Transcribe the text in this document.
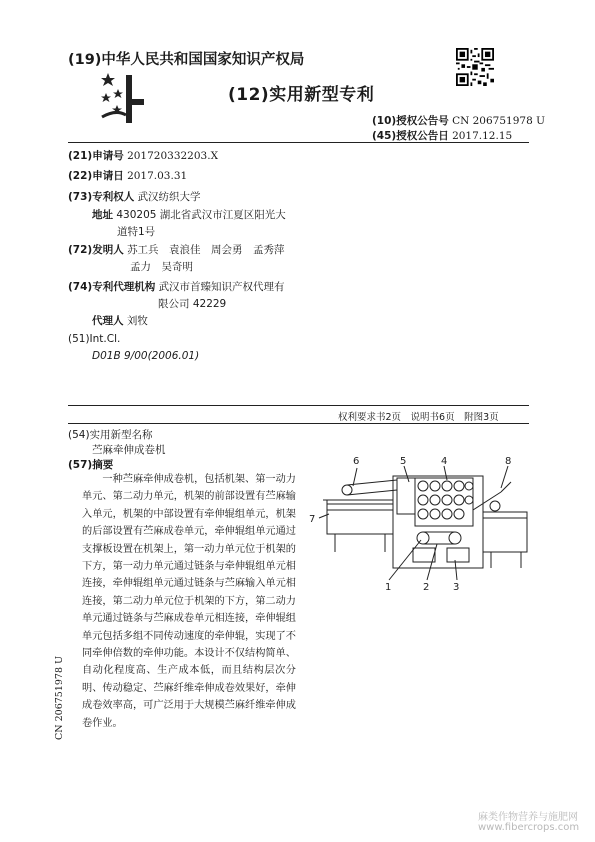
(19)中华人民共和国国家知识产权局
(12)实用新型专利
(10)授权公告号 CN 206751978 U
(45)授权公告日 2017.12.15
(21)申请号 201720332203.X
(22)申请日 2017.03.31
(73)专利权人 武汉纺织大学
地址 430205 湖北省武汉市江夏区阳光大
道特1号
(72)发明人 苏工兵　袁浪佳　周会勇　孟秀萍
孟力　吴奇明
(74)专利代理机构 武汉市首臻知识产权代理有
限公司 42229
代理人 刘牧
(51)Int.Cl.
D01B 9/00(2006.01)
权利要求书2页　说明书6页　附图3页
(54)实用新型名称
苎麻牵伸成卷机
(57)摘要
一种苎麻牵伸成卷机，包括机架、第一动力单元、第二动力单元，机架的前部设置有苎麻输入单元，机架的中部设置有牵伸辊组单元，机架的后部设置有苎麻成卷单元，牵伸辊组单元通过支撑板设置在机架上，第一动力单元位于机架的下方，第一动力单元通过链条与牵伸辊组单元相连接，牵伸辊组单元通过链条与苎麻输入单元相连接，第二动力单元位于机架的下方，第二动力单元通过链条与苎麻成卷单元相连接，牵伸辊组单元包括多组不同传动速度的牵伸辊，实现了不同牵伸倍数的牵伸功能。本设计不仅结构简单、自动化程度高、生产成本低，而且结构层次分明、传动稳定、苎麻纤维牵伸成卷效果好，牵伸成卷效率高，可广泛用于大规模苎麻纤维牵伸成卷作业。
1	2 3
4
5
6
7
8
CN 206751978 U
麻类作物营养与施肥网
www.fibercrops.com
